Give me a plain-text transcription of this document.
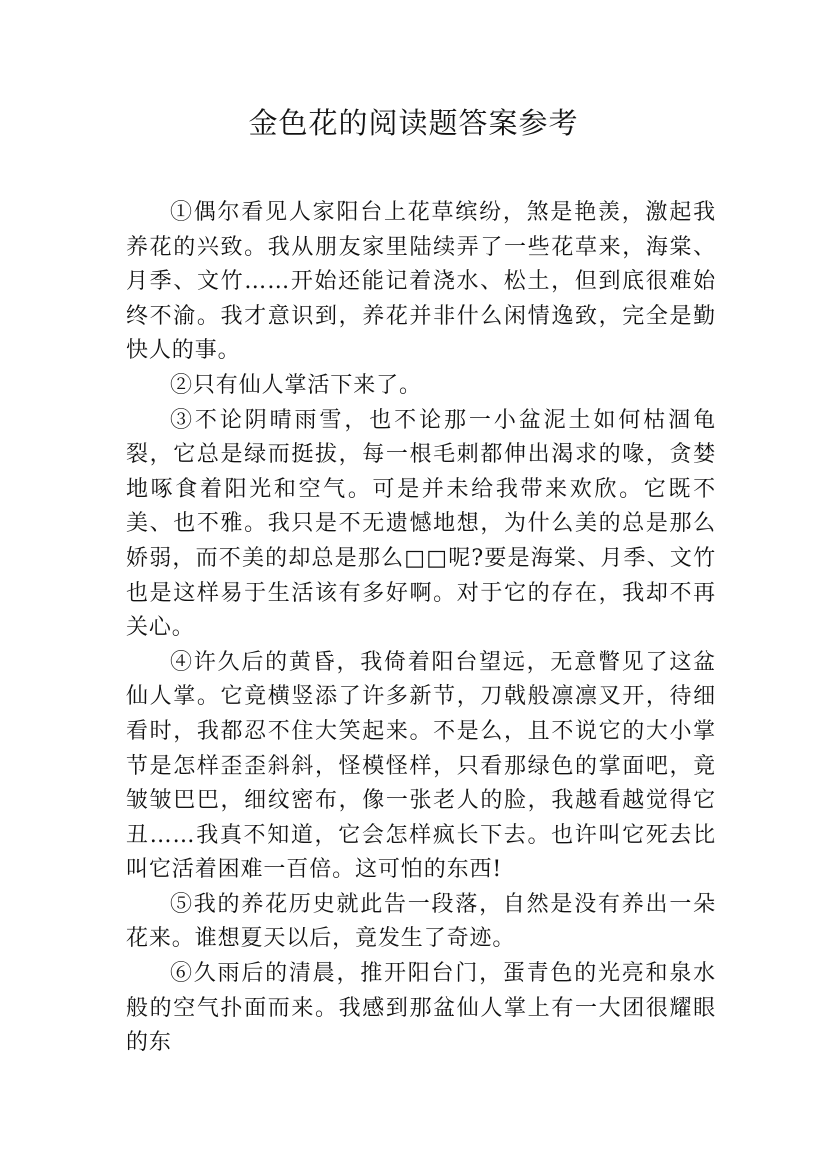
金色花的阅读题答案参考

①偶尔看见人家阳台上花草缤纷，煞是艳羡，激起我养花的兴致。我从朋友家里陆续弄了一些花草来，海棠、月季、文竹……开始还能记着浇水、松土，但到底很难始终不渝。我才意识到，养花并非什么闲情逸致，完全是勤快人的事。

②只有仙人掌活下来了。

③不论阴晴雨雪，也不论那一小盆泥土如何枯涸龟裂，它总是绿而挺拔，每一根毛刺都伸出渴求的喙，贪婪地啄食着阳光和空气。可是并未给我带来欢欣。它既不美、也不雅。我只是不无遗憾地想，为什么美的总是那么娇弱，而不美的却总是那么□□呢?要是海棠、月季、文竹也是这样易于生活该有多好啊。对于它的存在，我却不再关心。

④许久后的黄昏，我倚着阳台望远，无意瞥见了这盆仙人掌。它竟横竖添了许多新节，刀戟般凛凛叉开，待细看时，我都忍不住大笑起来。不是么，且不说它的大小掌节是怎样歪歪斜斜，怪模怪样，只看那绿色的掌面吧，竟皱皱巴巴，细纹密布，像一张老人的脸，我越看越觉得它丑……我真不知道，它会怎样疯长下去。也许叫它死去比叫它活着困难一百倍。这可怕的东西!

⑤我的养花历史就此告一段落，自然是没有养出一朵花来。谁想夏天以后，竟发生了奇迹。

⑥久雨后的清晨，推开阳台门，蛋青色的光亮和泉水般的空气扑面而来。我感到那盆仙人掌上有一大团很耀眼的东
